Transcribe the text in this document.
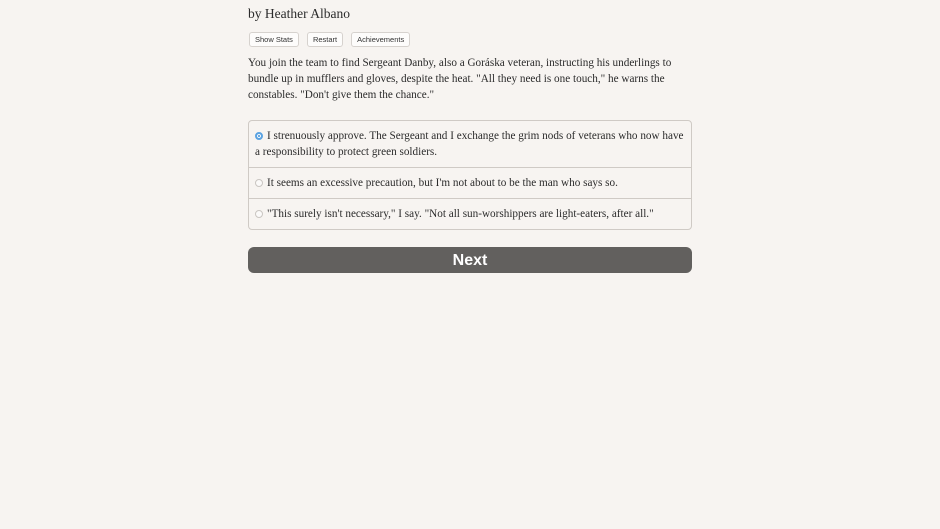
by Heather Albano
Show Stats	Restart	Achievements
You join the team to find Sergeant Danby, also a Goráska veteran, instructing his underlings to bundle up in mufflers and gloves, despite the heat. "All they need is one touch," he warns the constables. "Don't give them the chance."
I strenuously approve. The Sergeant and I exchange the grim nods of veterans who now have a responsibility to protect green soldiers.
It seems an excessive precaution, but I'm not about to be the man who says so.
"This surely isn't necessary," I say. "Not all sun-worshippers are light-eaters, after all."
Next
